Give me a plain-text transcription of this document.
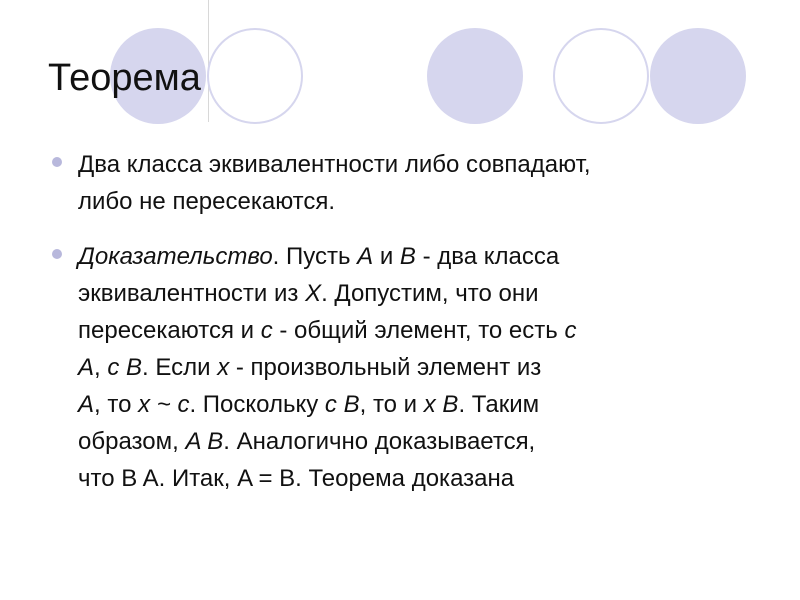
Теорема
Два класса эквивалентности либо совпадают,
либо не пересекаются.
Доказательство. Пусть A и B - два класса
эквивалентности из X. Допустим, что они
пересекаются и c - общий элемент, то есть c
A, c B. Если x - произвольный элемент из
A, то x ~ c. Поскольку c B, то и x B. Таким
образом, A B. Аналогично доказывается,
что B A. Итак, A = B. Теорема доказана
